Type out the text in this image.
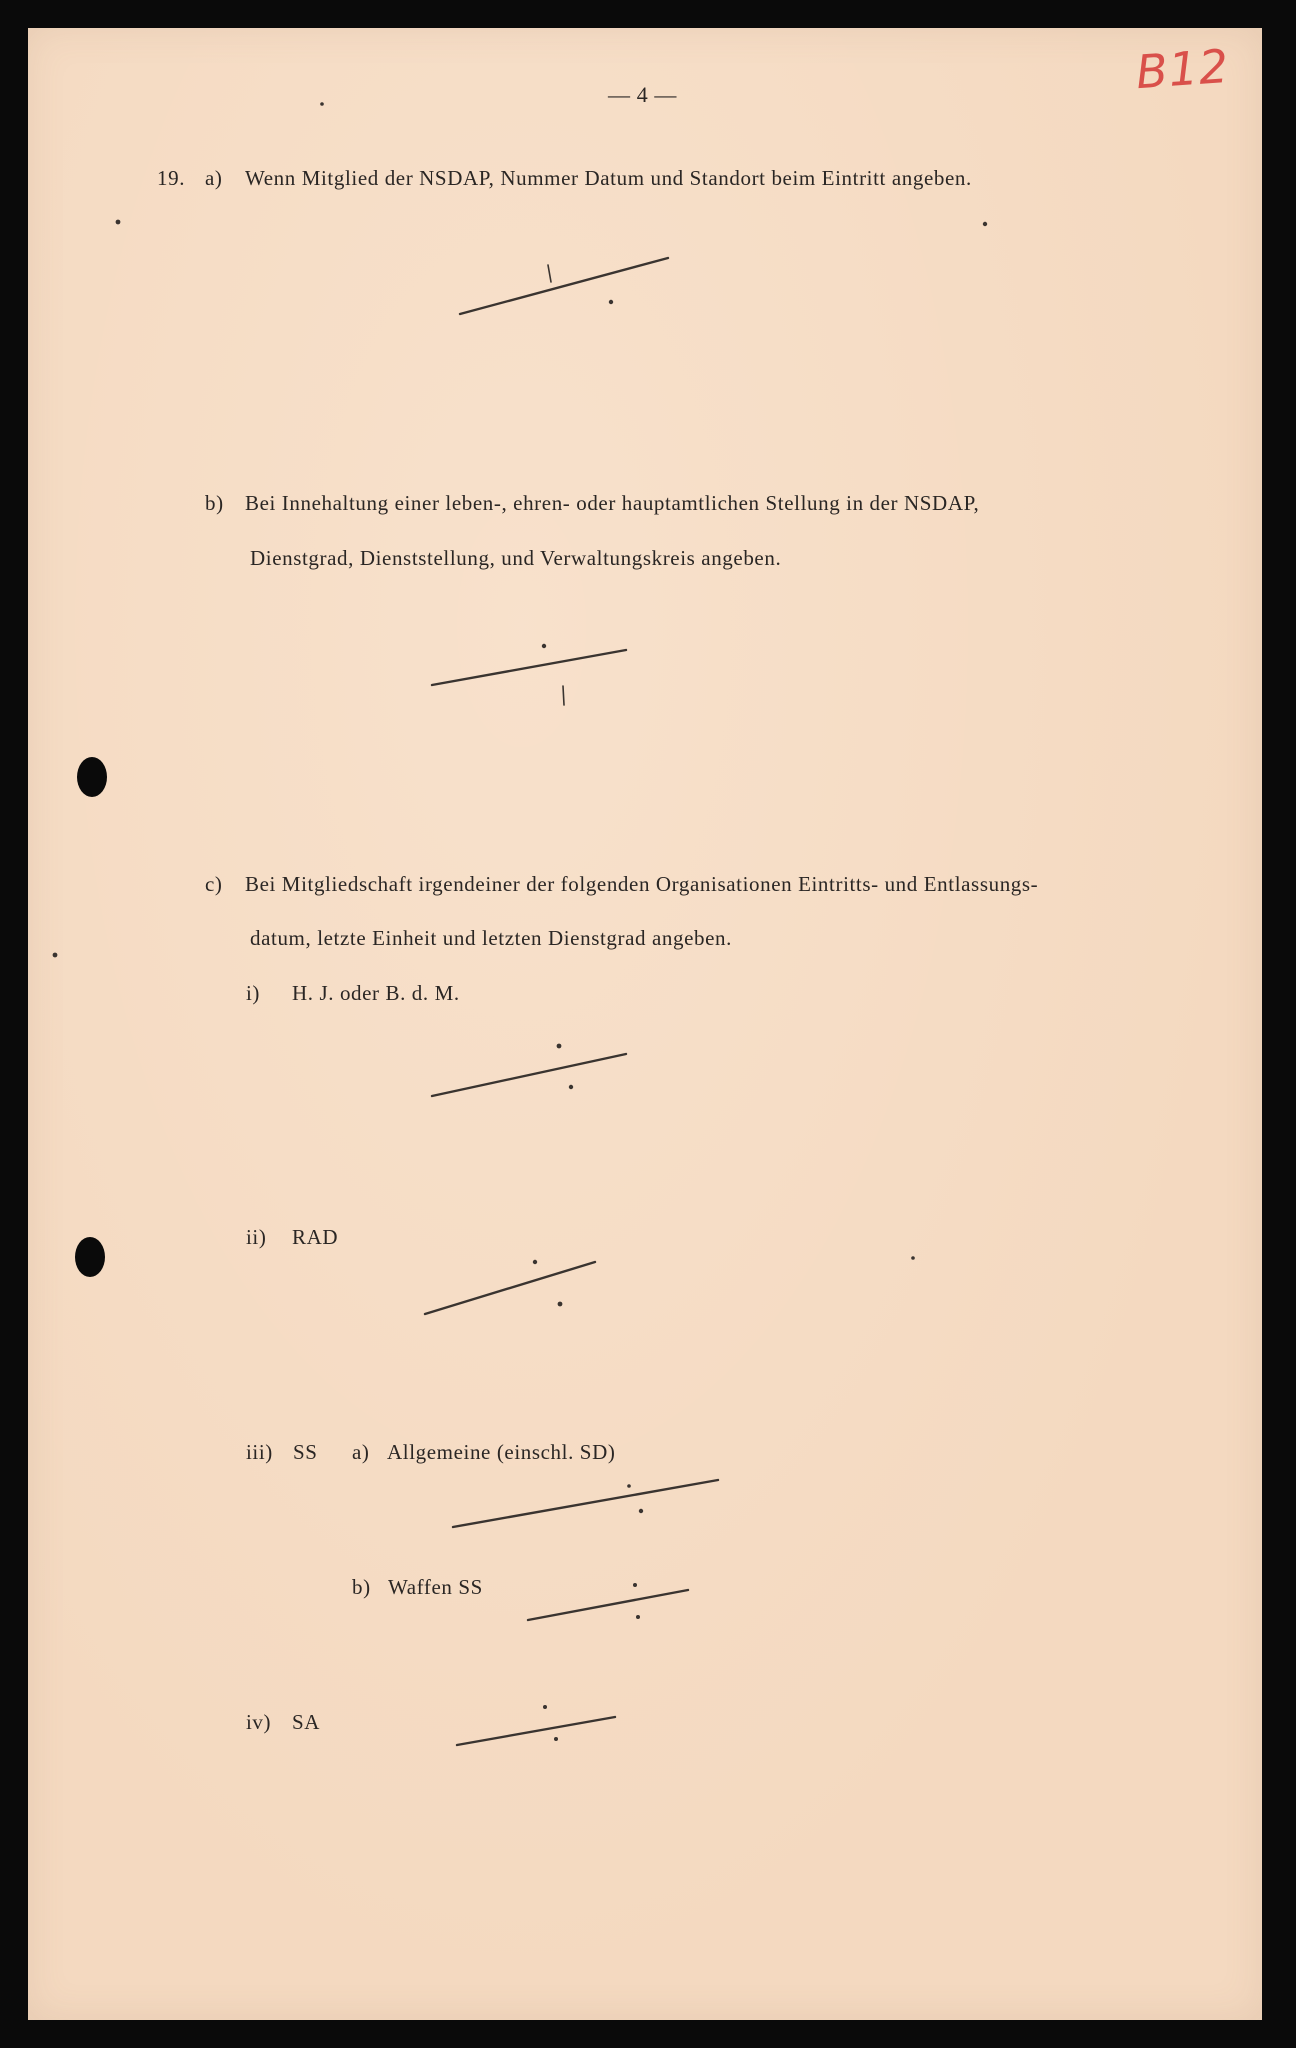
— 4 —	B12
19. a) Wenn Mitglied der NSDAP, Nummer Datum und Standort beim Eintritt angeben.
b) Bei Innehaltung einer leben-, ehren- oder hauptamtlichen Stellung in der NSDAP,
Dienstgrad, Dienststellung, und Verwaltungskreis angeben.
c) Bei Mitgliedschaft irgendeiner der folgenden Organisationen Eintritts- und Entlassungs-
datum, letzte Einheit und letzten Dienstgrad angeben.
i) H. J. oder B. d. M.
ii) RAD
iii) SS a) Allgemeine (einschl. SD)
b) Waffen SS
iv) SA
